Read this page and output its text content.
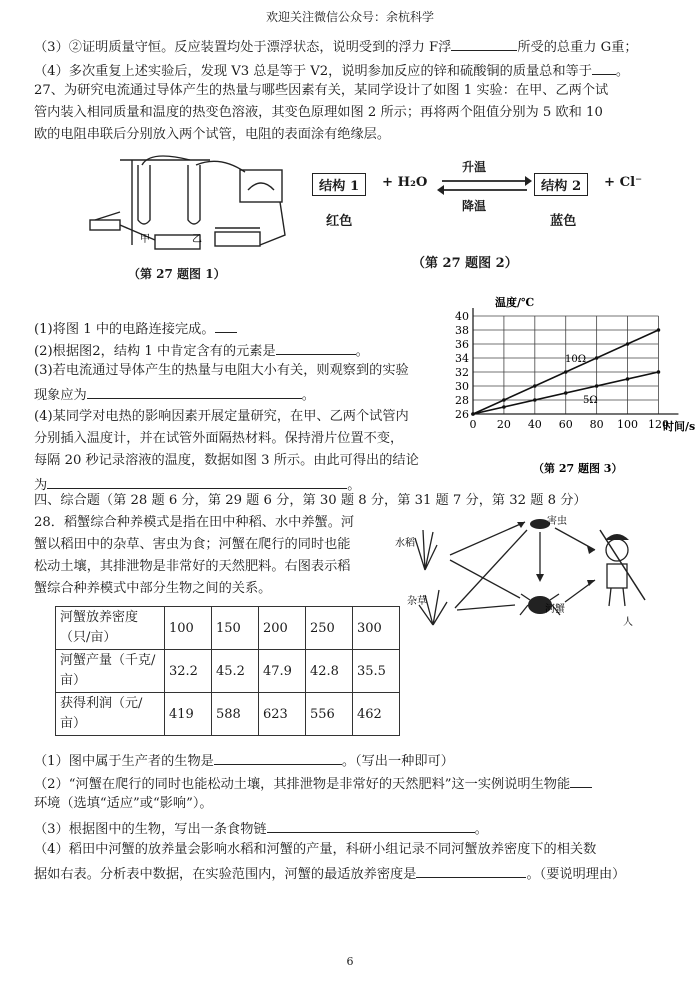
欢迎关注微信公众号：余杭科学
（3）②证明质量守恒。反应装置均处于漂浮状态，说明受到的浮力 F浮	所受的总重力 G重；
（4）多次重复上述实验后，发现 V3 总是等于 V2，说明参加反应的锌和硫酸铜的质量总和等于 。
27、为研究电流通过导体产生的热量与哪些因素有关，某同学设计了如图 1 实验：在甲、乙两个试
管内装入相同质量和温度的热变色溶液，其变色原理如图 2 所示；再将两个阻值分别为 5 欧和 10
欧的电阻串联后分别放入两个试管，电阻的表面涂有绝缘层。
甲	乙
（第 27 题图 1）
结构 1	+ H₂O
升温
降温
结构 2	+ Cl⁻
红色	蓝色
（第 27 题图 2）
(1)将图 1 中的电路连接完成。
(2)根据图2，结构 1 中肯定含有的元素是	。
(3)若电流通过导体产生的热量与电阻大小有关，则观察到的实验
现象应为	。
(4)某同学对电热的影响因素开展定量研究，在甲、乙两个试管内
分别插入温度计，并在试管外面隔热材料。保持滑片位置不变，
每隔 20 秒记录溶液的温度，数据如图 3 所示。由此可得出的结论
为	。
温度/℃
时间/s
40
38
36
34
32
30
28
26
0 20 40 60 80 100 120
10Ω
5Ω
（第 27 题图 3）
四、综合题（第 28 题 6 分，第 29 题 6 分，第 30 题 8 分，第 31 题 7 分，第 32 题 8 分）
28．稻蟹综合种养模式是指在田中种稻、水中养蟹。河
蟹以稻田中的杂草、害虫为食；河蟹在爬行的同时也能
松动土壤，其排泄物是非常好的天然肥料。右图表示稻
蟹综合种养模式中部分生物之间的关系。
害虫
水稻
杂草
河蟹
人
河蟹放养密度（只/亩）	100	150	200	250	300
河蟹产量（千克/亩）	32.2	45.2	47.9	42.8	35.5
获得利润（元/亩）	419	588	623	556	462
（1）图中属于生产者的生物是	。（写出一种即可）
（2）“河蟹在爬行的同时也能松动土壤，其排泄物是非常好的天然肥料”这一实例说明生物能
环境（选填“适应”或“影响”）。
（3）根据图中的生物，写出一条食物链	。
（4）稻田中河蟹的放养量会影响水稻和河蟹的产量，科研小组记录不同河蟹放养密度下的相关数
据如右表。分析表中数据，在实验范围内，河蟹的最适放养密度是	。（要说明理由）
6
